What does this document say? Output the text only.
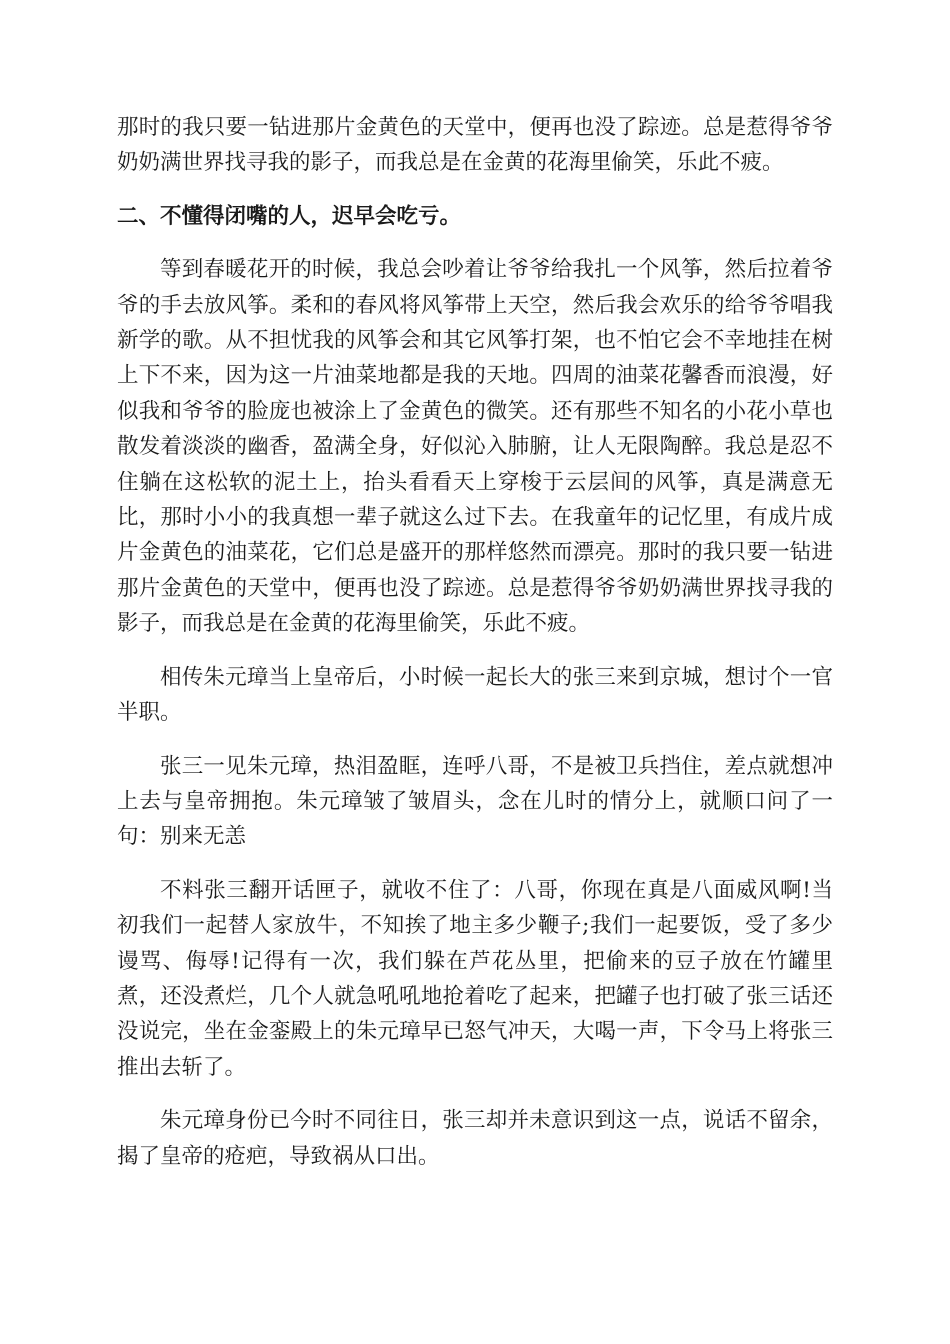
那时的我只要一钻进那片金黄色的天堂中，便再也没了踪迹。总是惹得爷爷奶奶满世界找寻我的影子，而我总是在金黄的花海里偷笑，乐此不疲。

二、不懂得闭嘴的人，迟早会吃亏。

等到春暖花开的时候，我总会吵着让爷爷给我扎一个风筝，然后拉着爷爷的手去放风筝。柔和的春风将风筝带上天空，然后我会欢乐的给爷爷唱我新学的歌。从不担忧我的风筝会和其它风筝打架，也不怕它会不幸地挂在树上下不来，因为这一片油菜地都是我的天地。四周的油菜花馨香而浪漫，好似我和爷爷的脸庞也被涂上了金黄色的微笑。还有那些不知名的小花小草也散发着淡淡的幽香，盈满全身，好似沁入肺腑，让人无限陶醉。我总是忍不住躺在这松软的泥土上，抬头看看天上穿梭于云层间的风筝，真是满意无比，那时小小的我真想一辈子就这么过下去。在我童年的记忆里，有成片成片金黄色的油菜花，它们总是盛开的那样悠然而漂亮。那时的我只要一钻进那片金黄色的天堂中，便再也没了踪迹。总是惹得爷爷奶奶满世界找寻我的影子，而我总是在金黄的花海里偷笑，乐此不疲。

相传朱元璋当上皇帝后，小时候一起长大的张三来到京城，想讨个一官半职。

张三一见朱元璋，热泪盈眶，连呼八哥，不是被卫兵挡住，差点就想冲上去与皇帝拥抱。朱元璋皱了皱眉头，念在儿时的情分上，就顺口问了一句：别来无恙

不料张三翻开话匣子，就收不住了：八哥，你现在真是八面威风啊!当初我们一起替人家放牛，不知挨了地主多少鞭子;我们一起要饭，受了多少谩骂、侮辱!记得有一次，我们躲在芦花丛里，把偷来的豆子放在竹罐里煮，还没煮烂，几个人就急吼吼地抢着吃了起来，把罐子也打破了张三话还没说完，坐在金銮殿上的朱元璋早已怒气冲天，大喝一声，下令马上将张三推出去斩了。

朱元璋身份已今时不同往日，张三却并未意识到这一点，说话不留余，揭了皇帝的疮疤，导致祸从口出。
